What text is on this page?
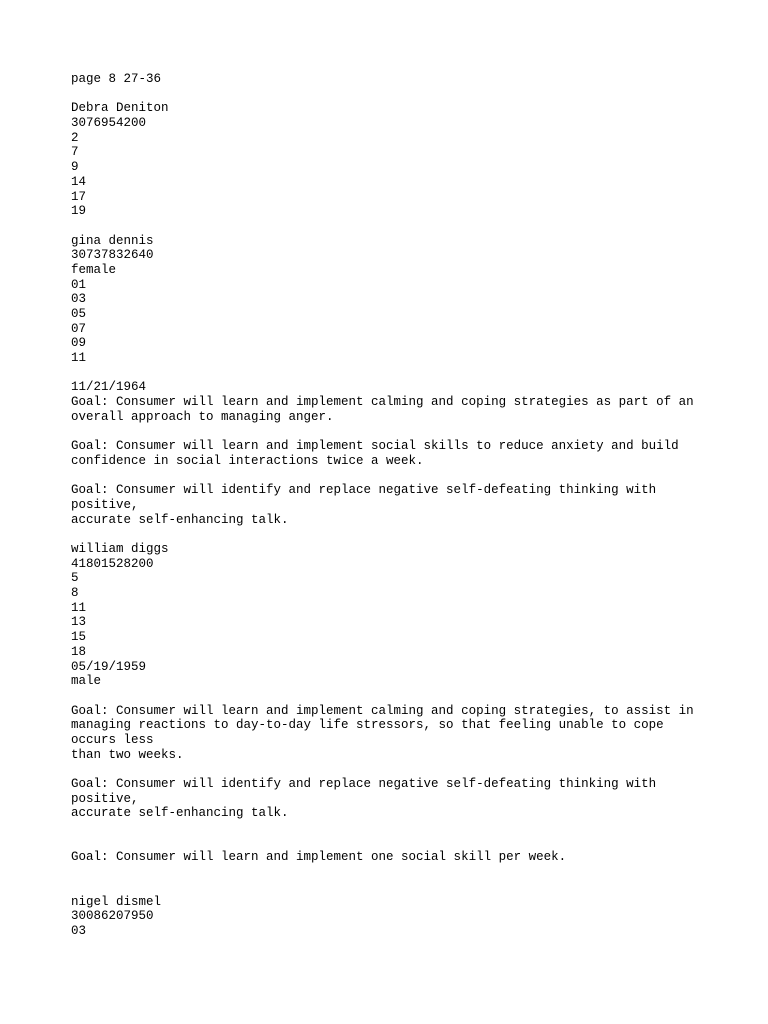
page 8 27-36
Debra Deniton
3076954200
2
7
9
14
17
19
gina dennis
30737832640
female
01
03
05
07
09
11
11/21/1964
Goal: Consumer will learn and implement calming and coping strategies as part of an
overall approach to managing anger.
Goal: Consumer will learn and implement social skills to reduce anxiety and build
confidence in social interactions twice a week.
Goal: Consumer will identify and replace negative self-defeating thinking with
positive,
accurate self-enhancing talk.
william diggs
41801528200
5
8
11
13
15
18
05/19/1959
male
Goal: Consumer will learn and implement calming and coping strategies, to assist in
managing reactions to day-to-day life stressors, so that feeling unable to cope
occurs less
than two weeks.
Goal: Consumer will identify and replace negative self-defeating thinking with
positive,
accurate self-enhancing talk.
Goal: Consumer will learn and implement one social skill per week.
nigel dismel
30086207950
03
